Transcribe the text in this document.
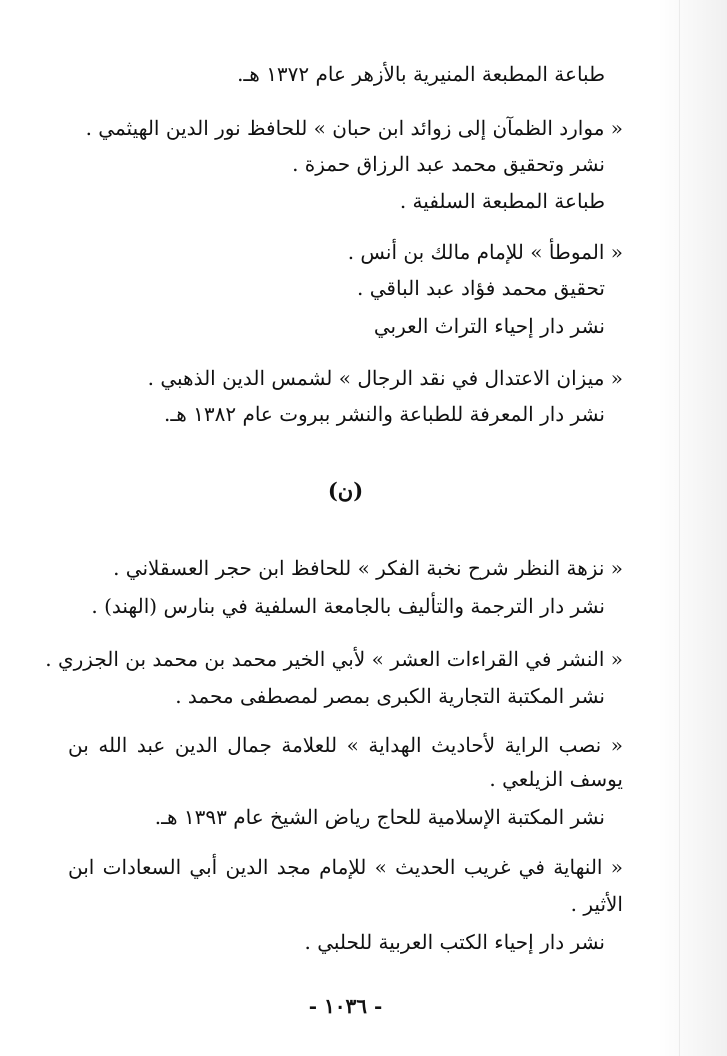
طباعة المطبعة المنيرية بالأزهر عام ١٣٧٢ هـ.
« موارد الظمآن إلى زوائد ابن حبان » للحافظ نور الدين الهيثمي .
نشر وتحقيق محمد عبد الرزاق حمزة .
طباعة المطبعة السلفية .
« الموطأ » للإمام مالك بن أنس .
تحقيق محمد فؤاد عبد الباقي .
نشر دار إحياء التراث العربي
« ميزان الاعتدال في نقد الرجال » لشمس الدين الذهبي .
نشر دار المعرفة للطباعة والنشر ببروت عام ١٣٨٢ هـ.
(ن)
« نزهة النظر شرح نخبة الفكر » للحافظ ابن حجر العسقلاني .
نشر دار الترجمة والتأليف بالجامعة السلفية في بنارس (الهند) .
« النشر في القراءات العشر » لأبي الخير محمد بن محمد بن الجزري .
نشر المكتبة التجارية الكبرى بمصر لمصطفى محمد .
« نصب الراية لأحاديث الهداية » للعلامة جمال الدين عبد الله بن
يوسف الزيلعي .
نشر المكتبة الإسلامية للحاج رياض الشيخ عام ١٣٩٣ هـ.
« النهاية في غريب الحديث » للإمام مجد الدين أبي السعادات ابن
الأثير .
نشر دار إحياء الكتب العربية للحلبي .
- ١٠٣٦ -
